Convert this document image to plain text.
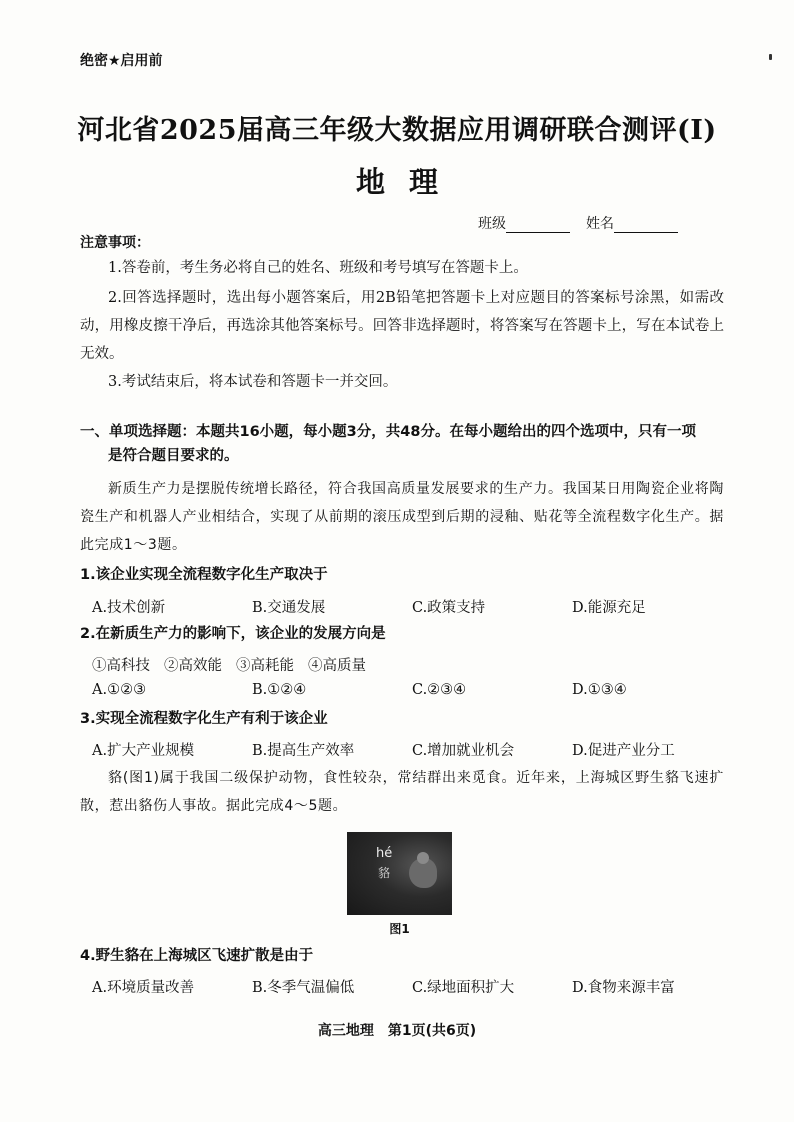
绝密★启用前
河北省2025届高三年级大数据应用调研联合测评(Ⅰ)
地理
班级	姓名
注意事项：
1.答卷前，考生务必将自己的姓名、班级和考号填写在答题卡上。
2.回答选择题时，选出每小题答案后，用2B铅笔把答题卡上对应题目的答案标号涂黑，如需改动，用橡皮擦干净后，再选涂其他答案标号。回答非选择题时，将答案写在答题卡上，写在本试卷上无效。
3.考试结束后，将本试卷和答题卡一并交回。
一、单项选择题：本题共16小题，每小题3分，共48分。在每小题给出的四个选项中，只有一项
是符合题目要求的。
新质生产力是摆脱传统增长路径，符合我国高质量发展要求的生产力。我国某日用陶瓷企业将陶瓷生产和机器人产业相结合，实现了从前期的滚压成型到后期的浸釉、贴花等全流程数字化生产。据此完成1～3题。
1.该企业实现全流程数字化生产取决于
A.技术创新	B.交通发展	C.政策支持	D.能源充足
2.在新质生产力的影响下，该企业的发展方向是
①高科技 ②高效能 ③高耗能 ④高质量
A.①②③	B.①②④	C.②③④	D.①③④
3.实现全流程数字化生产有利于该企业
A.扩大产业规模	B.提高生产效率	C.增加就业机会	D.促进产业分工
貉(图1)属于我国二级保护动物，食性较杂，常结群出来觅食。近年来，上海城区野生貉飞速扩散，惹出貉伤人事故。据此完成4～5题。
hé
貉
图1
4.野生貉在上海城区飞速扩散是由于
A.环境质量改善	B.冬季气温偏低	C.绿地面积扩大	D.食物来源丰富
高三地理　第1页(共6页)
